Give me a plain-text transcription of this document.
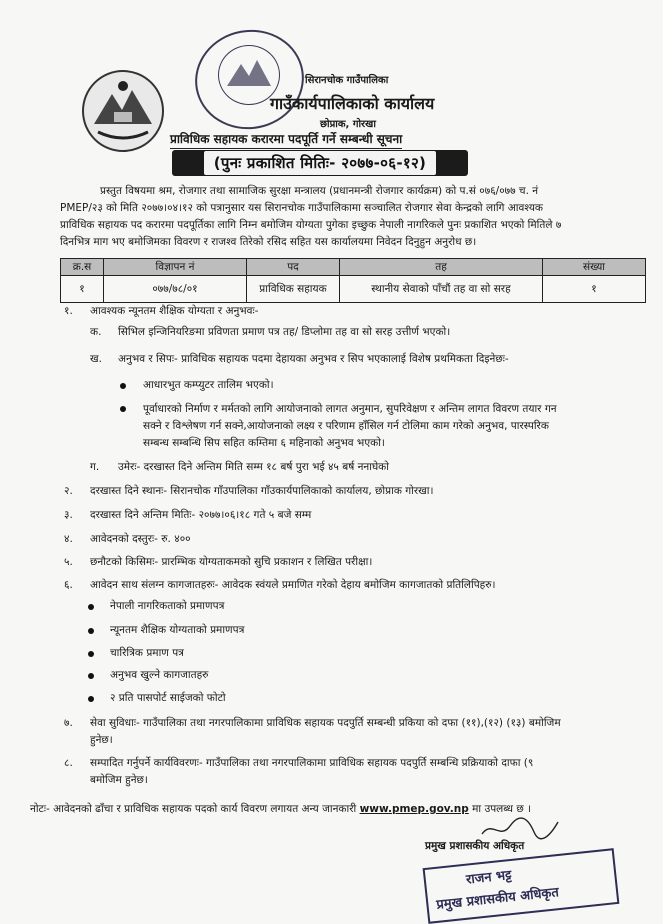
सिरानचोक गाउँपालिका
गाउँकार्यपालिकाको कार्यालय
छोप्राक, गोरखा
प्राविधिक सहायक करारमा पदपूर्ति गर्ने सम्बन्धी सूचना
(पुनः प्रकाशित मितिः- २०७७-०६-१२)
प्रस्तुत विषयमा श्रम, रोजगार तथा सामाजिक सुरक्षा मन्त्रालय (प्रधानमन्त्री रोजगार कार्यक्रम) को प.सं ०७६/०७७ च. नं
PMEP/२३ को मिति २०७७।०४।१२ को पत्रानुसार यस सिरानचोक गाउँपालिकामा सञ्चालित रोजगार सेवा केन्द्रको लागि आवश्यक
प्राविधिक सहायक पद करारमा पदपूर्तिका लागि निम्न बमोजिम योग्यता पुगेका इच्छुक नेपाली नागरिकले पुनः प्रकाशित भएको मितिले ७
दिनभित्र माग भए बमोजिमका विवरण र राजश्व तिरेको रसिद सहित यस कार्यालयमा निवेदन दिनुहुन अनुरोध छ।
क्र.स	विज्ञापन नं	पद	तह	संख्या
१	०७७/७८/०१	प्राविधिक सहायक	स्थानीय सेवाको पाँचौं तह वा सो सरह	१
१. आवश्यक न्यूनतम शैक्षिक योग्यता र अनुभवः-
क. सिभिल इन्जिनियरिङमा प्रविणता प्रमाण पत्र तह/ डिप्लोमा तह वा सो सरह उत्तीर्ण भएको।
ख. अनुभव र सिपः- प्राविधिक सहायक पदमा देहायका अनुभव र सिप भएकालाई विशेष प्रथमिकता दिइनेछः-
आधारभुत कम्प्युटर तालिम भएको।
पूर्वाधारको निर्माण र मर्मतको लागि आयोजनाको लागत अनुमान, सुपरिवेक्षण र अन्तिम लागत विवरण तयार गन
सक्ने र विश्लेषण गर्न सक्ने,आयोजनाको लक्ष्य र परिणाम हाँसिल गर्न टोलिमा काम गरेको अनुभव, पारस्परिक
सम्बन्ध सम्बन्धि सिप सहित कम्तिमा ६ महिनाको अनुभव भएको।
ग. उमेरः- दरखास्त दिने अन्तिम मिति सम्म १८ बर्ष पुरा भई ४५ बर्ष ननाघेको
२. दरखास्त दिने स्थानः- सिरानचोक गाँउपालिका गाँउकार्यपालिकाको कार्यालय, छोप्राक गोरखा।
३. दरखास्त दिने अन्तिम मितिः- २०७७।०६।१८ गते ५ बजे सम्म
४. आवेदनको दस्तुरः- रु. ४००
५. छनौटको किसिमः- प्रारम्भिक योग्यताकमको सुचि प्रकाशन र लिखित परीक्षा।
६. आवेदन साथ संलग्न कागजातहरुः- आवेदक स्वंयले प्रमाणित गरेको देहाय बमोजिम कागजातको प्रतिलिपिहरु।
नेपाली नागरिकताको प्रमाणपत्र
न्यूनतम शैक्षिक योग्यताको प्रमाणपत्र
चारित्रिक प्रमाण पत्र
अनुभव खुल्ने कागजातहरु
२ प्रति पासपोर्ट साईजको फोटो
७. सेवा सुविधाः- गाउँपालिका तथा नगरपालिकामा प्राविधिक सहायक पदपुर्ति सम्बन्धी प्रकिया को दफा (११),(१२) (१३) बमोजिम
हुनेछ।
८. सम्पादित गर्नुपर्ने कार्यविवरणः- गाउँपालिका तथा नगरपालिकामा प्राविधिक सहायक पदपुर्ति सम्बन्धि प्रक्रियाको दाफा (९
बमोजिम हुनेछ।
नोटः- आवेदनको ढाँचा र प्राविधिक सहायक पदको कार्य विवरण लगायत अन्य जानकारी www.pmep.gov.np मा उपलब्ध छ ।
प्रमुख प्रशासकीय अधिकृत
राजन भट्ट
प्रमुख प्रशासकीय अधिकृत
